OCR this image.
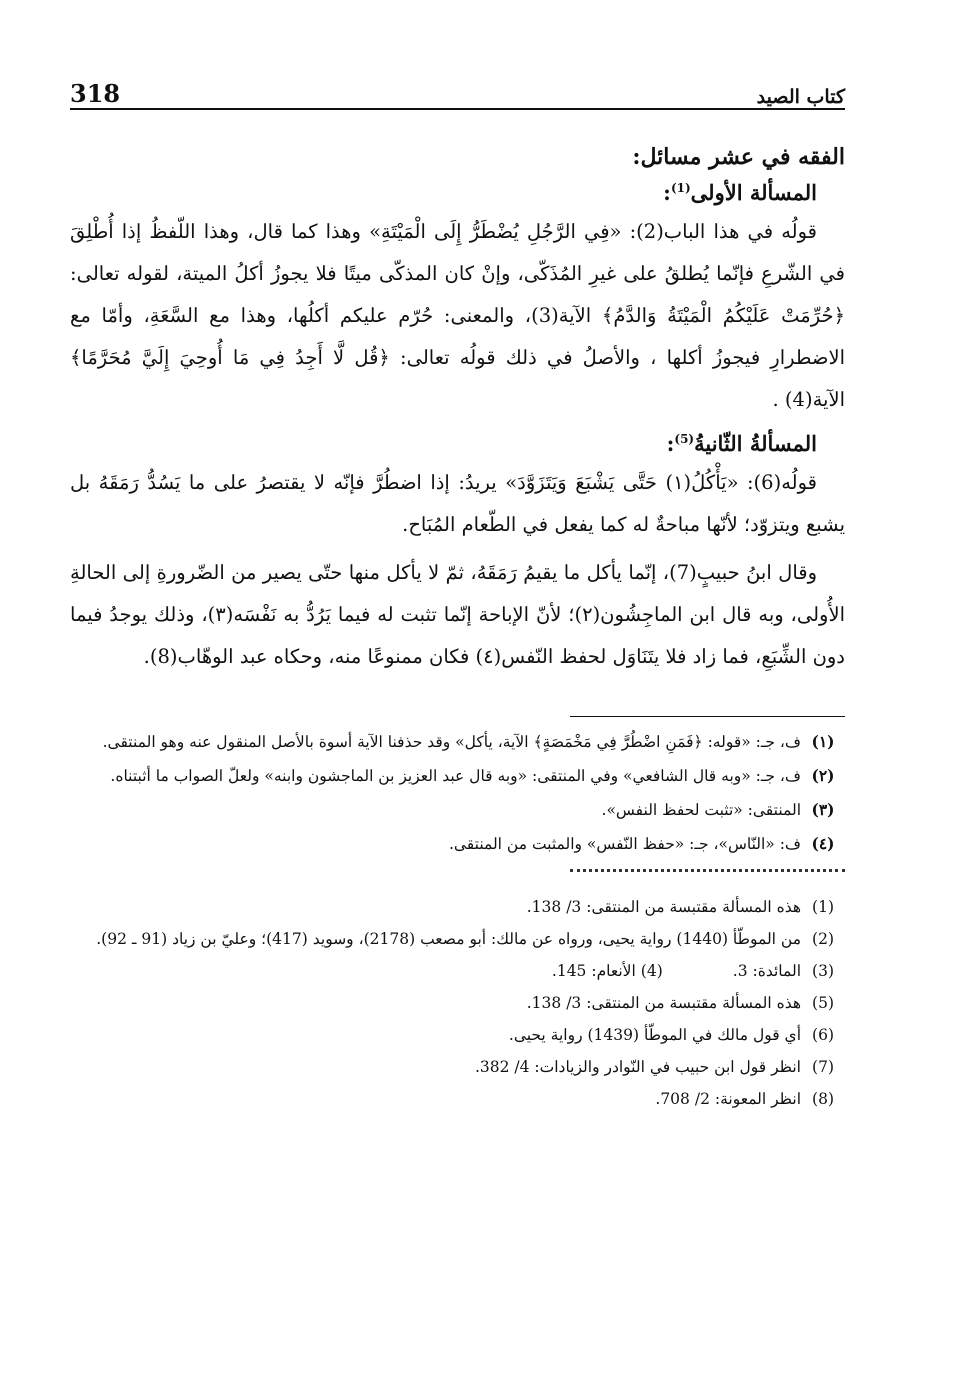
318	كتاب الصيد
الفقه في عشر مسائل:
المسألة الأولى$^{(1)}$:

قولُه في هذا الباب(2): «فِي الرَّجُلِ يُضْطَرُّ إِلَى الْمَيْتَةِ» وهذا كما قال، وهذا اللّفظُ إذا أُطْلِقَ في الشّرعِ فإنّما يُطلقُ على غيرِ المُذَكّى، وإنْ كان المذكّى ميتًا فلا يجوزُ أكلُ الميتة، لقوله تعالى: ﴿حُرِّمَتْ عَلَيْكُمُ الْمَيْتَةُ وَالدَّمُ﴾ الآية(3)، والمعنى: حُرّم عليكم أكلُها، وهذا مع السَّعَةِ، وأمّا مع الاضطرارِ فيجوزُ أكلها ، والأصلُ في ذلك قولُه تعالى: ﴿قُل لَّا أَجِدُ فِي مَا أُوحِيَ إِلَيَّ مُحَرَّمًا﴾ الآية(4) .

المسألةُ الثّانيةُ$^{(5)}$:

قولُه(6): «يَأْكُلُ(١) حَتَّى يَشْبَعَ وَيَتَزَوَّدَ» يريدُ: إذا اضطُرَّ فإنّه لا يقتصرُ على ما يَسُدُّ رَمَقَهُ بل يشبع ويتزوّد؛ لأنّها مباحةٌ له كما يفعل في الطّعام المُبَاح.

وقال ابنُ حبيبٍ(7)، إنّما يأكل ما يقيمُ رَمَقَهُ، ثمّ لا يأكل منها حتّى يصير من الضّرورةِ إلى الحالةِ الأُولى، وبه قال ابن الماجِشُون(٢)؛ لأنّ الإباحة إنّما تثبت له فيما يَرُدُّ به نَفْسَه(٣)، وذلك يوجدُ فيما دون الشِّبَعِ، فما زاد فلا يتَنَاوَل لحفظ النّفس(٤) فكان ممنوعًا منه، وحكاه عبد الوهّاب(8).

(١)
ف، جـ: «قوله: ﴿فَمَنِ اضْطُرَّ فِي مَخْمَصَةٍ﴾ الآية، يأكل» وقد حذفنا الآية أسوة بالأصل المنقول عنه وهو المنتقى.
(٢)
ف، جـ: «وبه قال الشافعي» وفي المنتقى: «وبه قال عبد العزيز بن الماجشون وابنه» ولعلّ الصواب ما أثبتناه.
(٣)
المنتقى: «تثبت لحفظ النفس».
(٤)
ف: «النّاس»، جـ: «حفظ النّفس» والمثبت من المنتقى.
(1)
هذه المسألة مقتبسة من المنتقى: 3/ 138.
(2)
من الموطّأ (1440) رواية يحيى، ورواه عن مالك: أبو مصعب (2178)، وسويد (417)؛ وعليّ بن زياد (91 ـ 92).
(3)
المائدة: 3.
(4) الأنعام: 145.
(5)
هذه المسألة مقتبسة من المنتقى: 3/ 138.
(6)
أي قول مالك في الموطّأ (1439) رواية يحيى.
(7)
انظر قول ابن حبيب في النّوادر والزيادات: 4/ 382.
(8)
انظر المعونة: 2/ 708.
